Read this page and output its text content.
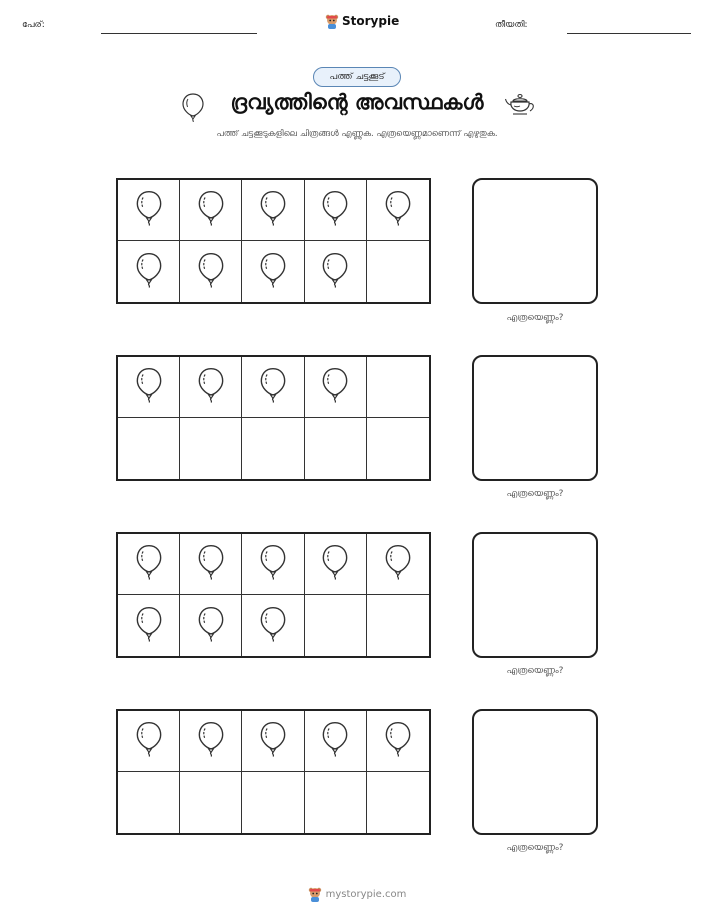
പേര്:	Storypie	തീയതി:
പത്ത് ചട്ടക്കൂട്
ദ്രവ്യത്തിന്റെ അവസ്ഥകൾ
പത്ത് ചട്ടക്കൂടുകളിലെ ചിത്രങ്ങൾ എണ്ണുക. എത്രയെണ്ണമാണെന്ന് എഴുതുക.
എത്രയെണ്ണം?
എത്രയെണ്ണം?
എത്രയെണ്ണം?
എത്രയെണ്ണം?
mystorypie.com
